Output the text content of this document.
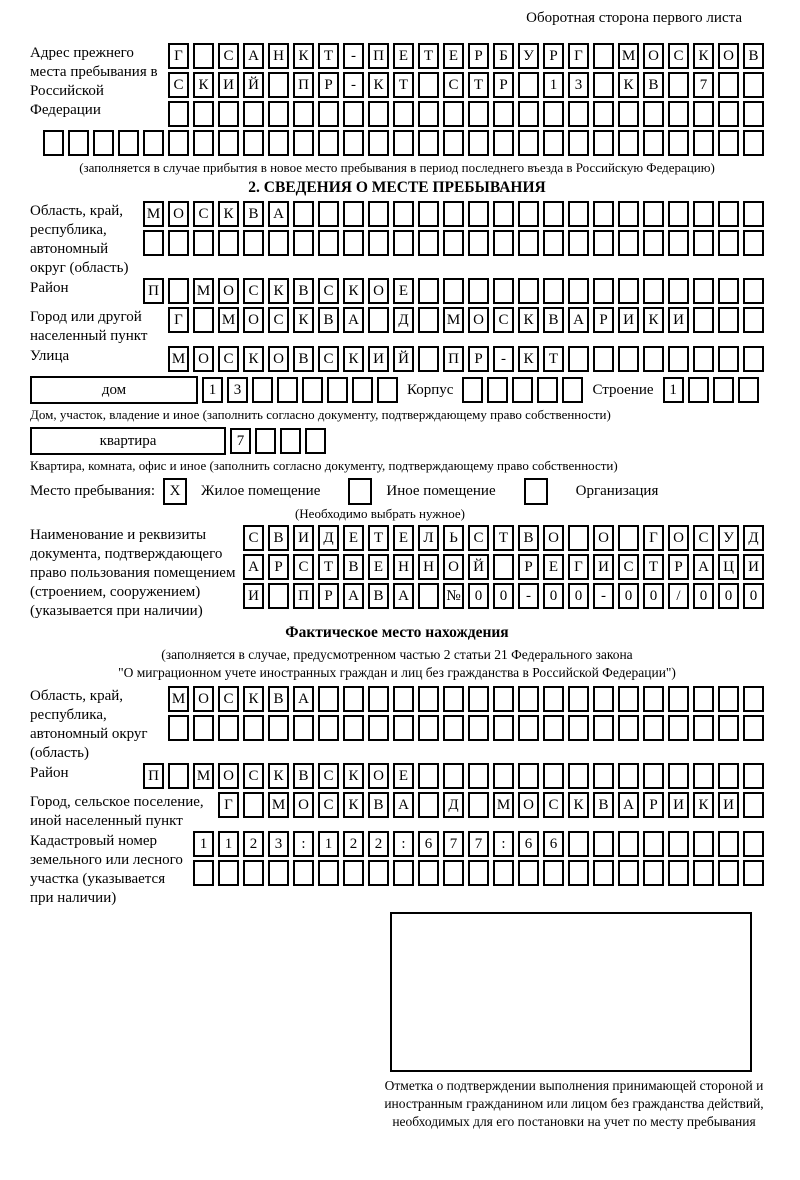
Оборотная сторона первого листа
Адрес прежнего места пребывания в Российской Федерации
Г	С А Н К	Т	-	П Е	Т	Е	Р	Б	У	Р	Г	М О С К О В
С К И Й	П	Р	-	К	Т	С	Т	Р	1	3	К В	7
(заполняется в случае прибытия в новое место пребывания в период последнего въезда в Российскую Федерацию)
2. СВЕДЕНИЯ О МЕСТЕ ПРЕБЫВАНИЯ
Область, край, республика, автономный округ (область)
М О С К В А
Район	П	М О С К В С К О Е
Город или другой населенный пункт
Г	М О С К В А	Д	М О С К В А	Р	И К И
Улица	М О С К О В С К И Й	П	Р	-	К	Т
дом	1	3	Корпус	Строение	1
Дом, участок, владение и иное (заполнить согласно документу, подтверждающему право собственности)
квартира	7
Квартира, комната, офис и иное (заполнить согласно документу, подтверждающему право собственности)
Место пребывания: X	Жилое помещение	Иное помещение	Организация
(Необходимо выбрать нужное)
Наименование и реквизиты документа, подтверждающего право пользования помещением (строением, сооружением) (указывается при наличии)
С В И Д	Е	Т	Е	Л	Ь	С	Т	В О	О	Г	О С У Д
А	Р	С	Т	В	Е	Н Н О Й	Р	Е	Г	И С	Т	Р	А Ц И
И	П	Р	А В А	№ 0	0	-	0	0	-	0	0	/	0	0	0
Фактическое место нахождения
(заполняется в случае, предусмотренном частью 2 статьи 21 Федерального закона
"О миграционном учете иностранных граждан и лиц без гражданства в Российской Федерации")
Область, край, республика, автономный округ (область)
М О С К В А
Район	П	М О С К В С К О Е
Город, сельское поселение, иной населенный пункт
Г	М О С К В А	Д	М О С К В А	Р	И К И
Кадастровый номер земельного или лесного участка (указывается при наличии)
1	1	2	3	:	1	2	2	:	6	7	7	:	6	6
Отметка о подтверждении выполнения принимающей стороной и иностранным гражданином или лицом без гражданства действий, необходимых для его постановки на учет по месту пребывания
